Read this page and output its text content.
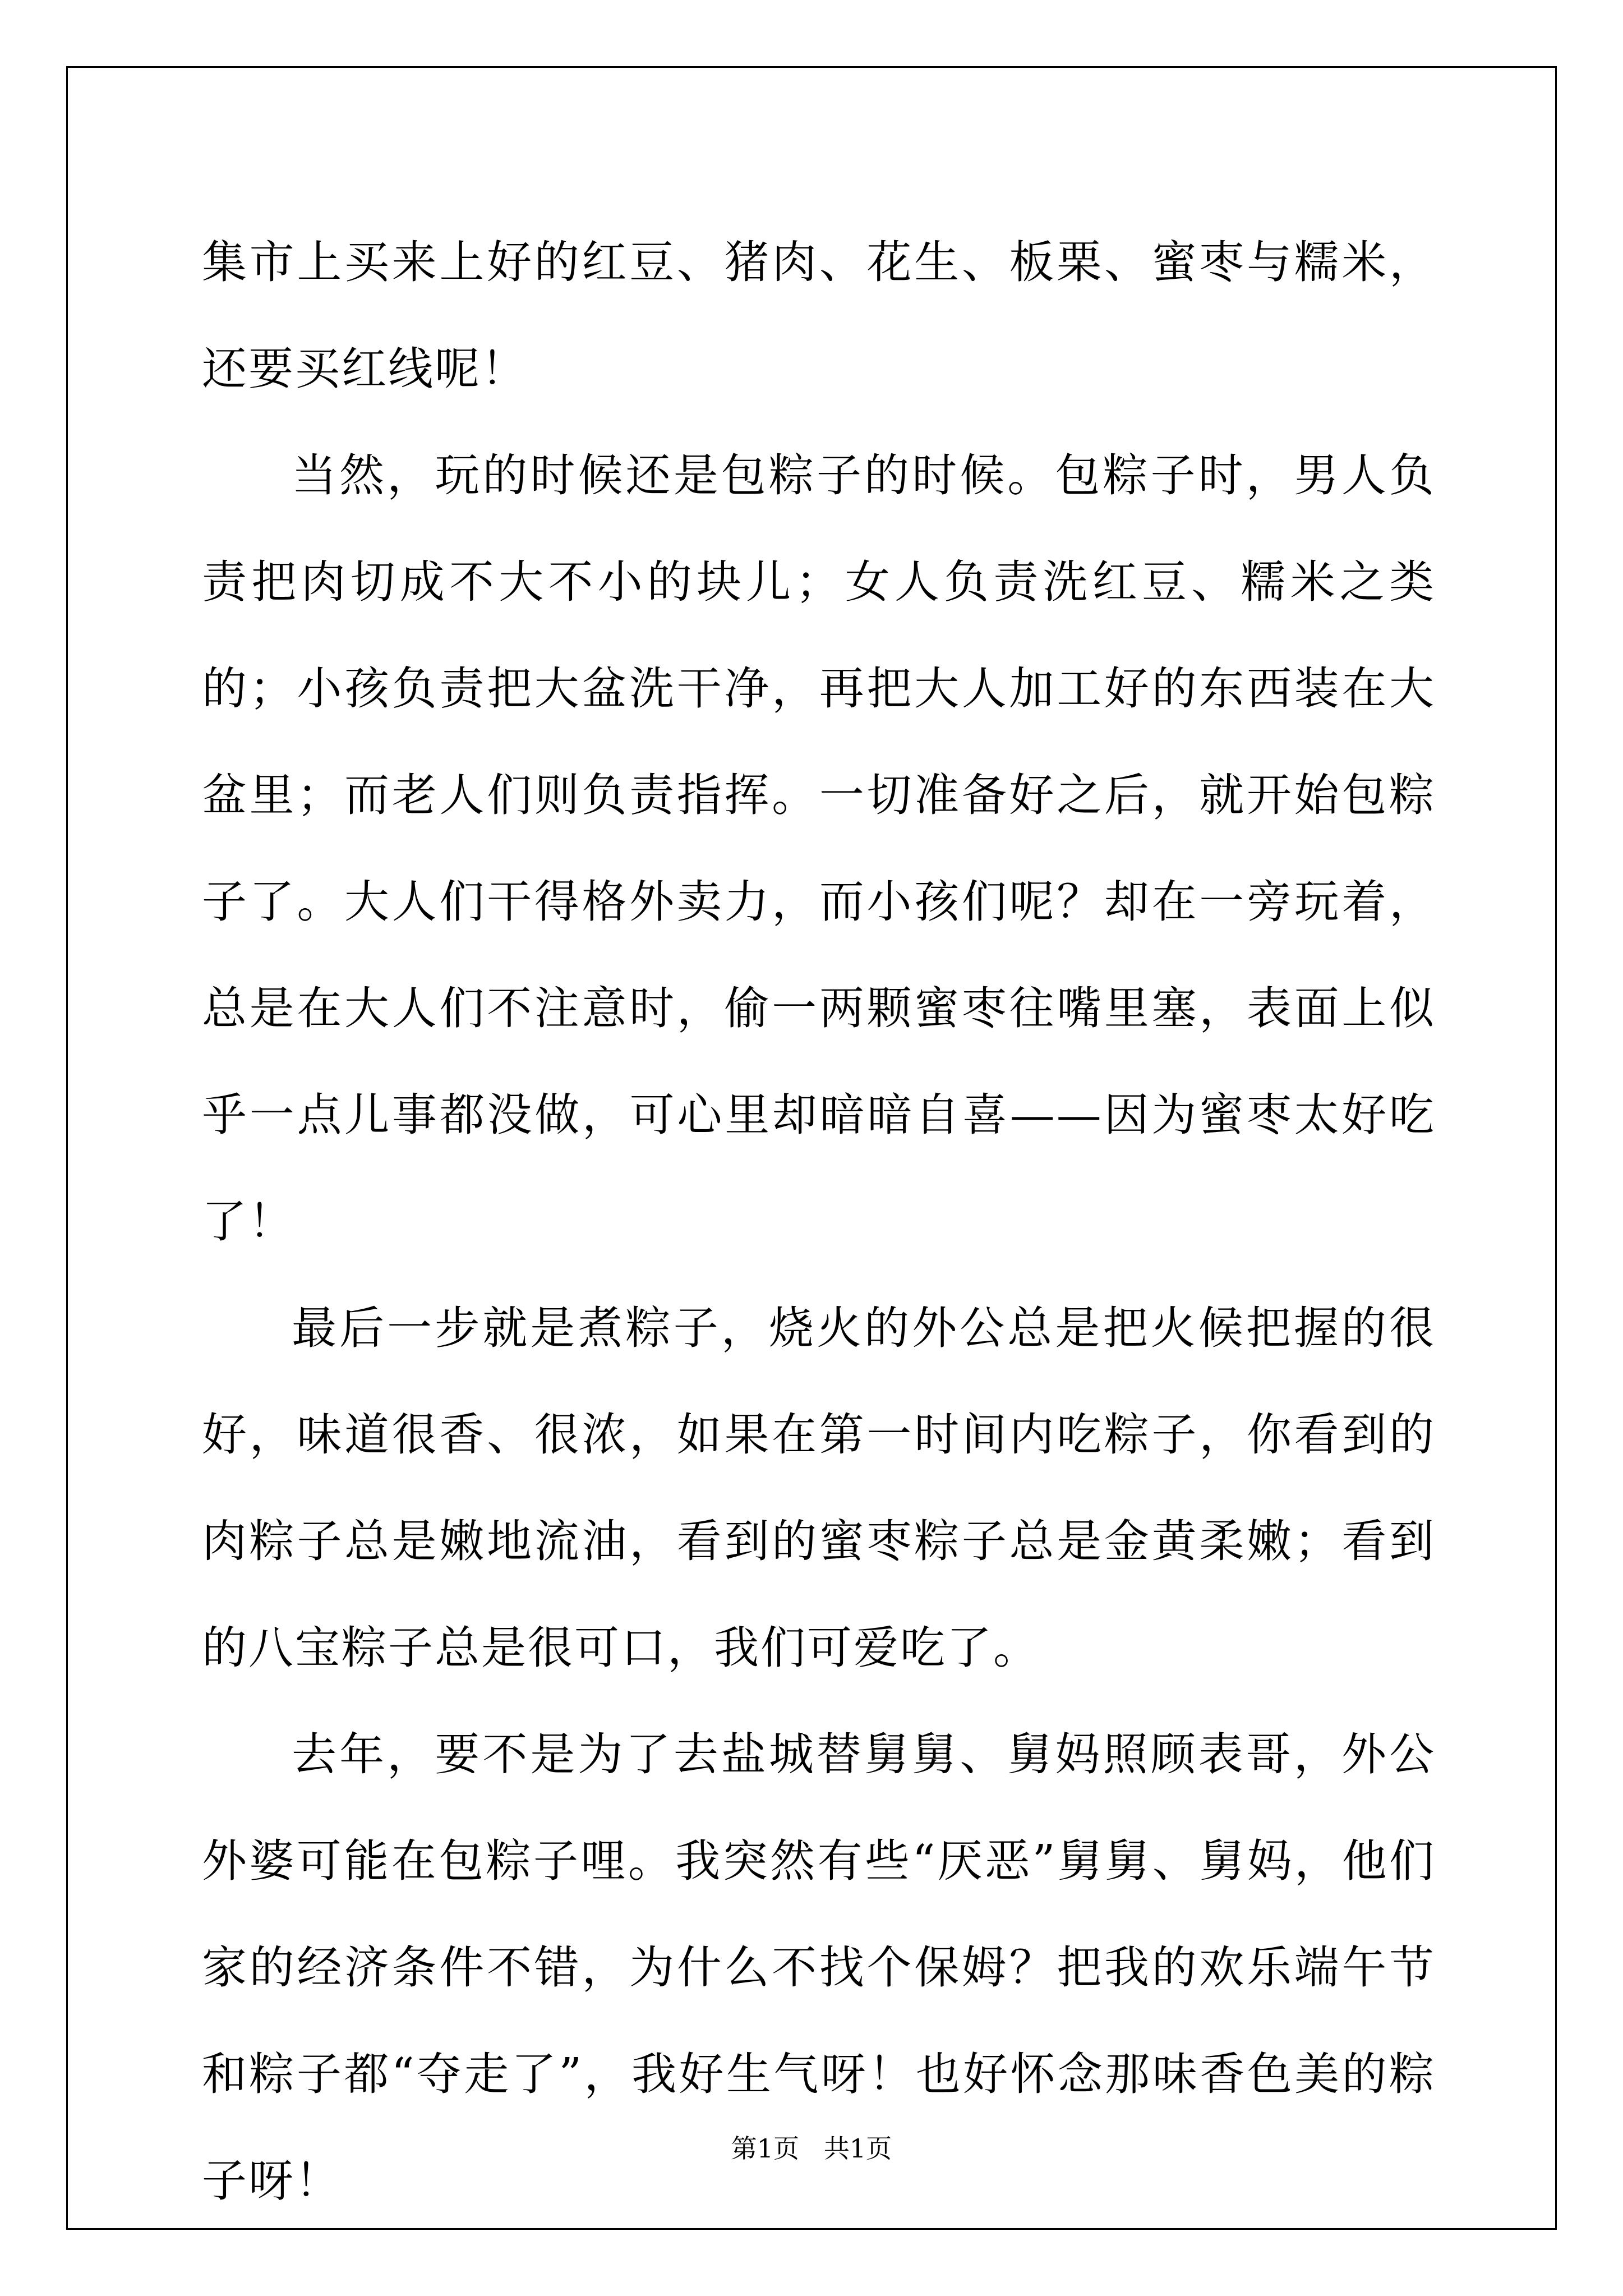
集市上买来上好的红豆、猪肉、花生、板栗、蜜枣与糯米，还要买红线呢！

当然，玩的时候还是包粽子的时候。包粽子时，男人负责把肉切成不大不小的块儿；女人负责洗红豆、糯米之类的；小孩负责把大盆洗干净，再把大人加工好的东西装在大盆里；而老人们则负责指挥。一切准备好之后，就开始包粽子了。大人们干得格外卖力，而小孩们呢？却在一旁玩着，总是在大人们不注意时，偷一两颗蜜枣往嘴里塞，表面上似乎一点儿事都没做，可心里却暗暗自喜——因为蜜枣太好吃了！

最后一步就是煮粽子，烧火的外公总是把火候把握的很好，味道很香、很浓，如果在第一时间内吃粽子，你看到的肉粽子总是嫩地流油，看到的蜜枣粽子总是金黄柔嫩；看到的八宝粽子总是很可口，我们可爱吃了。

去年，要不是为了去盐城替舅舅、舅妈照顾表哥，外公外婆可能在包粽子哩。我突然有些“厌恶”舅舅、舅妈，他们家的经济条件不错，为什么不找个保姆？把我的欢乐端午节和粽子都“夺走了”，我好生气呀！也好怀念那味香色美的粽子呀！

第1页   共1页
